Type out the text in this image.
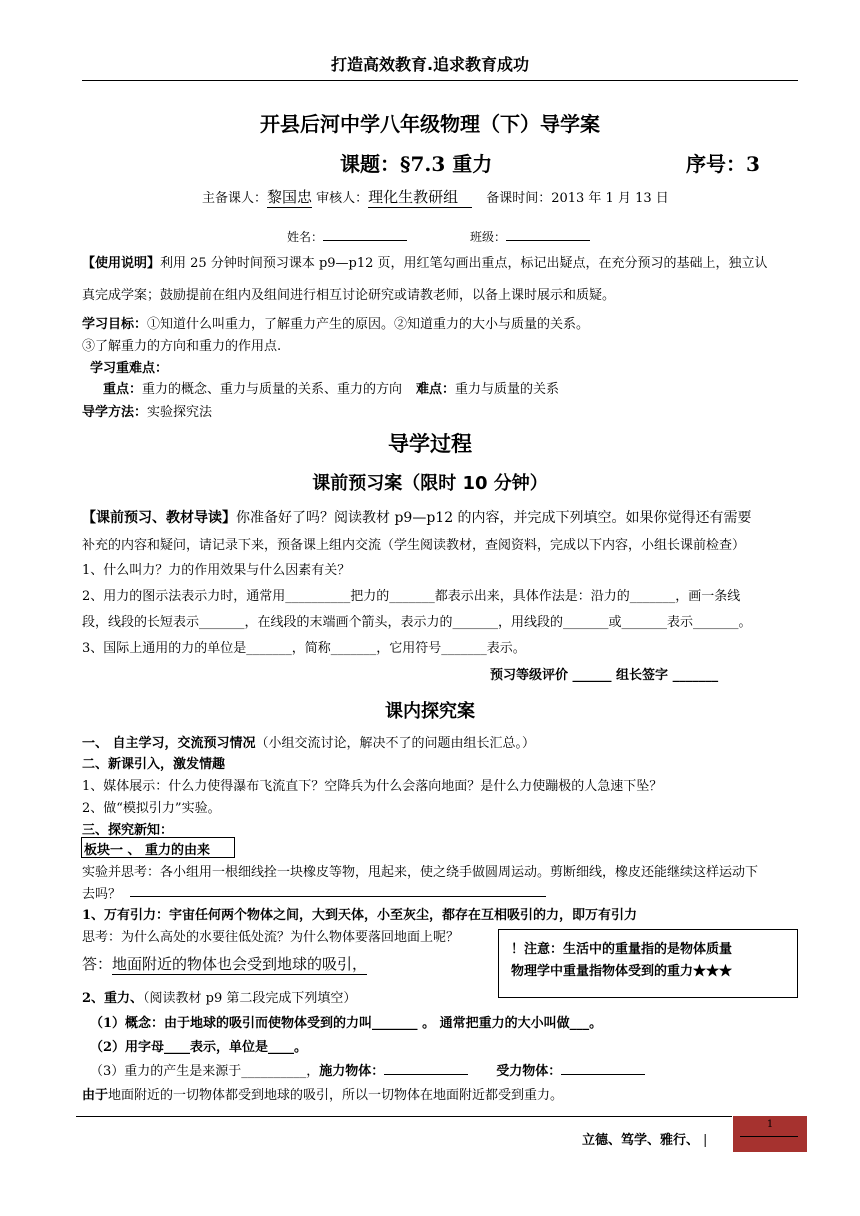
打造高效教育.追求教育成功
开县后河中学八年级物理（下）导学案
课题：§7.3 重力	序号：3
主备课人：黎国忠 审核人：理化生教研组 备课时间：2013 年 1 月 13 日
姓名：	班级：
【使用说明】利用 25 分钟时间预习课本 p9—p12 页，用红笔勾画出重点，标记出疑点，在充分预习的基础上，独立认
真完成学案；鼓励提前在组内及组间进行相互讨论研究或请教老师，以备上课时展示和质疑。
学习目标：①知道什么叫重力，了解重力产生的原因。②知道重力的大小与质量的关系。
③了解重力的方向和重力的作用点.
学习重难点：
重点：重力的概念、重力与质量的关系、重力的方向 难点：重力与质量的关系
导学方法：实验探究法
导学过程
课前预习案（限时 10 分钟）
【课前预习、教材导读】你准备好了吗？阅读教材 p9—p12 的内容，并完成下列填空。如果你觉得还有需要
补充的内容和疑问，请记录下来，预备课上组内交流（学生阅读教材，查阅资料，完成以下内容，小组长课前检查）
1、什么叫力？力的作用效果与什么因素有关？
2、用力的图示法表示力时，通常用__________把力的_______都表示出来，具体作法是：沿力的_______，画一条线
段，线段的长短表示_______，在线段的末端画个箭头，表示力的_______，用线段的_______或_______表示_______。
3、国际上通用的力的单位是_______，简称_______，它用符号_______表示。
预习等级评价 ______ 组长签字 _______
课内探究案
一、 自主学习，交流预习情况（小组交流讨论，解决不了的问题由组长汇总。）
二、新课引入，激发情趣
1、媒体展示：什么力使得瀑布飞流直下？空降兵为什么会落向地面？是什么力使蹦极的人急速下坠？
2、做“模拟引力”实验。
三、探究新知：
板块一 、 重力的由来
实验并思考：各小组用一根细线拴一块橡皮等物，甩起来，使之绕手做圆周运动。剪断细线，橡皮还能继续这样运动下
去吗？
1、万有引力：宇宙任何两个物体之间，大到天体，小至灰尘，都存在互相吸引的力，即万有引力
思考：为什么高处的水要往低处流？为什么物体要落回地面上呢？
答：地面附近的物体也会受到地球的吸引，
！注意：生活中的重量指的是物体质量
物理学中重量指物体受到的重力★★★
2、重力、（阅读教材 p9 第二段完成下列填空）
（1）概念：由于地球的吸引而使物体受到的力叫_______ 。 通常把重力的大小叫做___。
（2）用字母____表示，单位是____。
（3）重力的产生是来源于__________，施力物体：	受力物体：
由于地面附近的一切物体都受到地球的吸引，所以一切物体在地面附近都受到重力。
立德、笃学、雅行、 |
1
